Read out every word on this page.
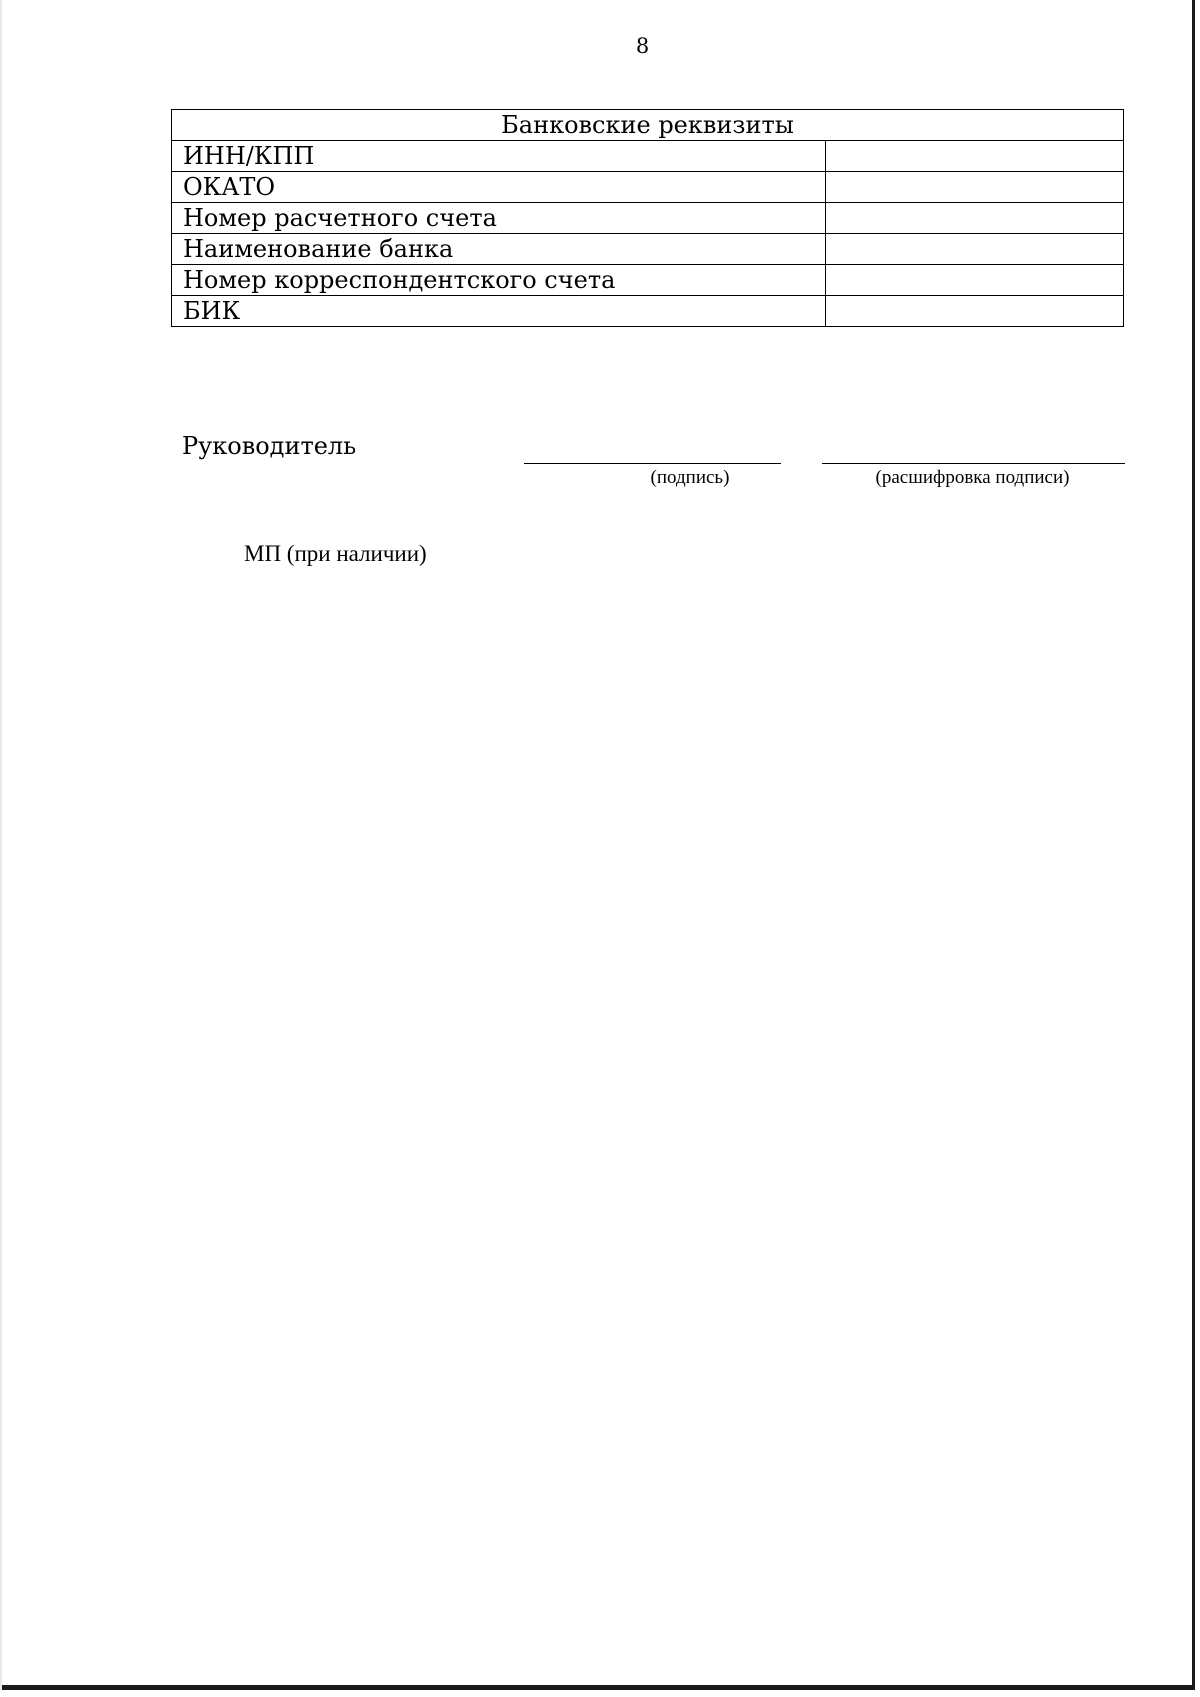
8
Банковские реквизиты	
ИНН/КПП	
ОКАТО	
Номер расчетного счета	
Наименование банка	
Номер корреспондентского счета	
БИК	
Руководитель
(подпись)	(расшифровка подписи)
МП (при наличии)
